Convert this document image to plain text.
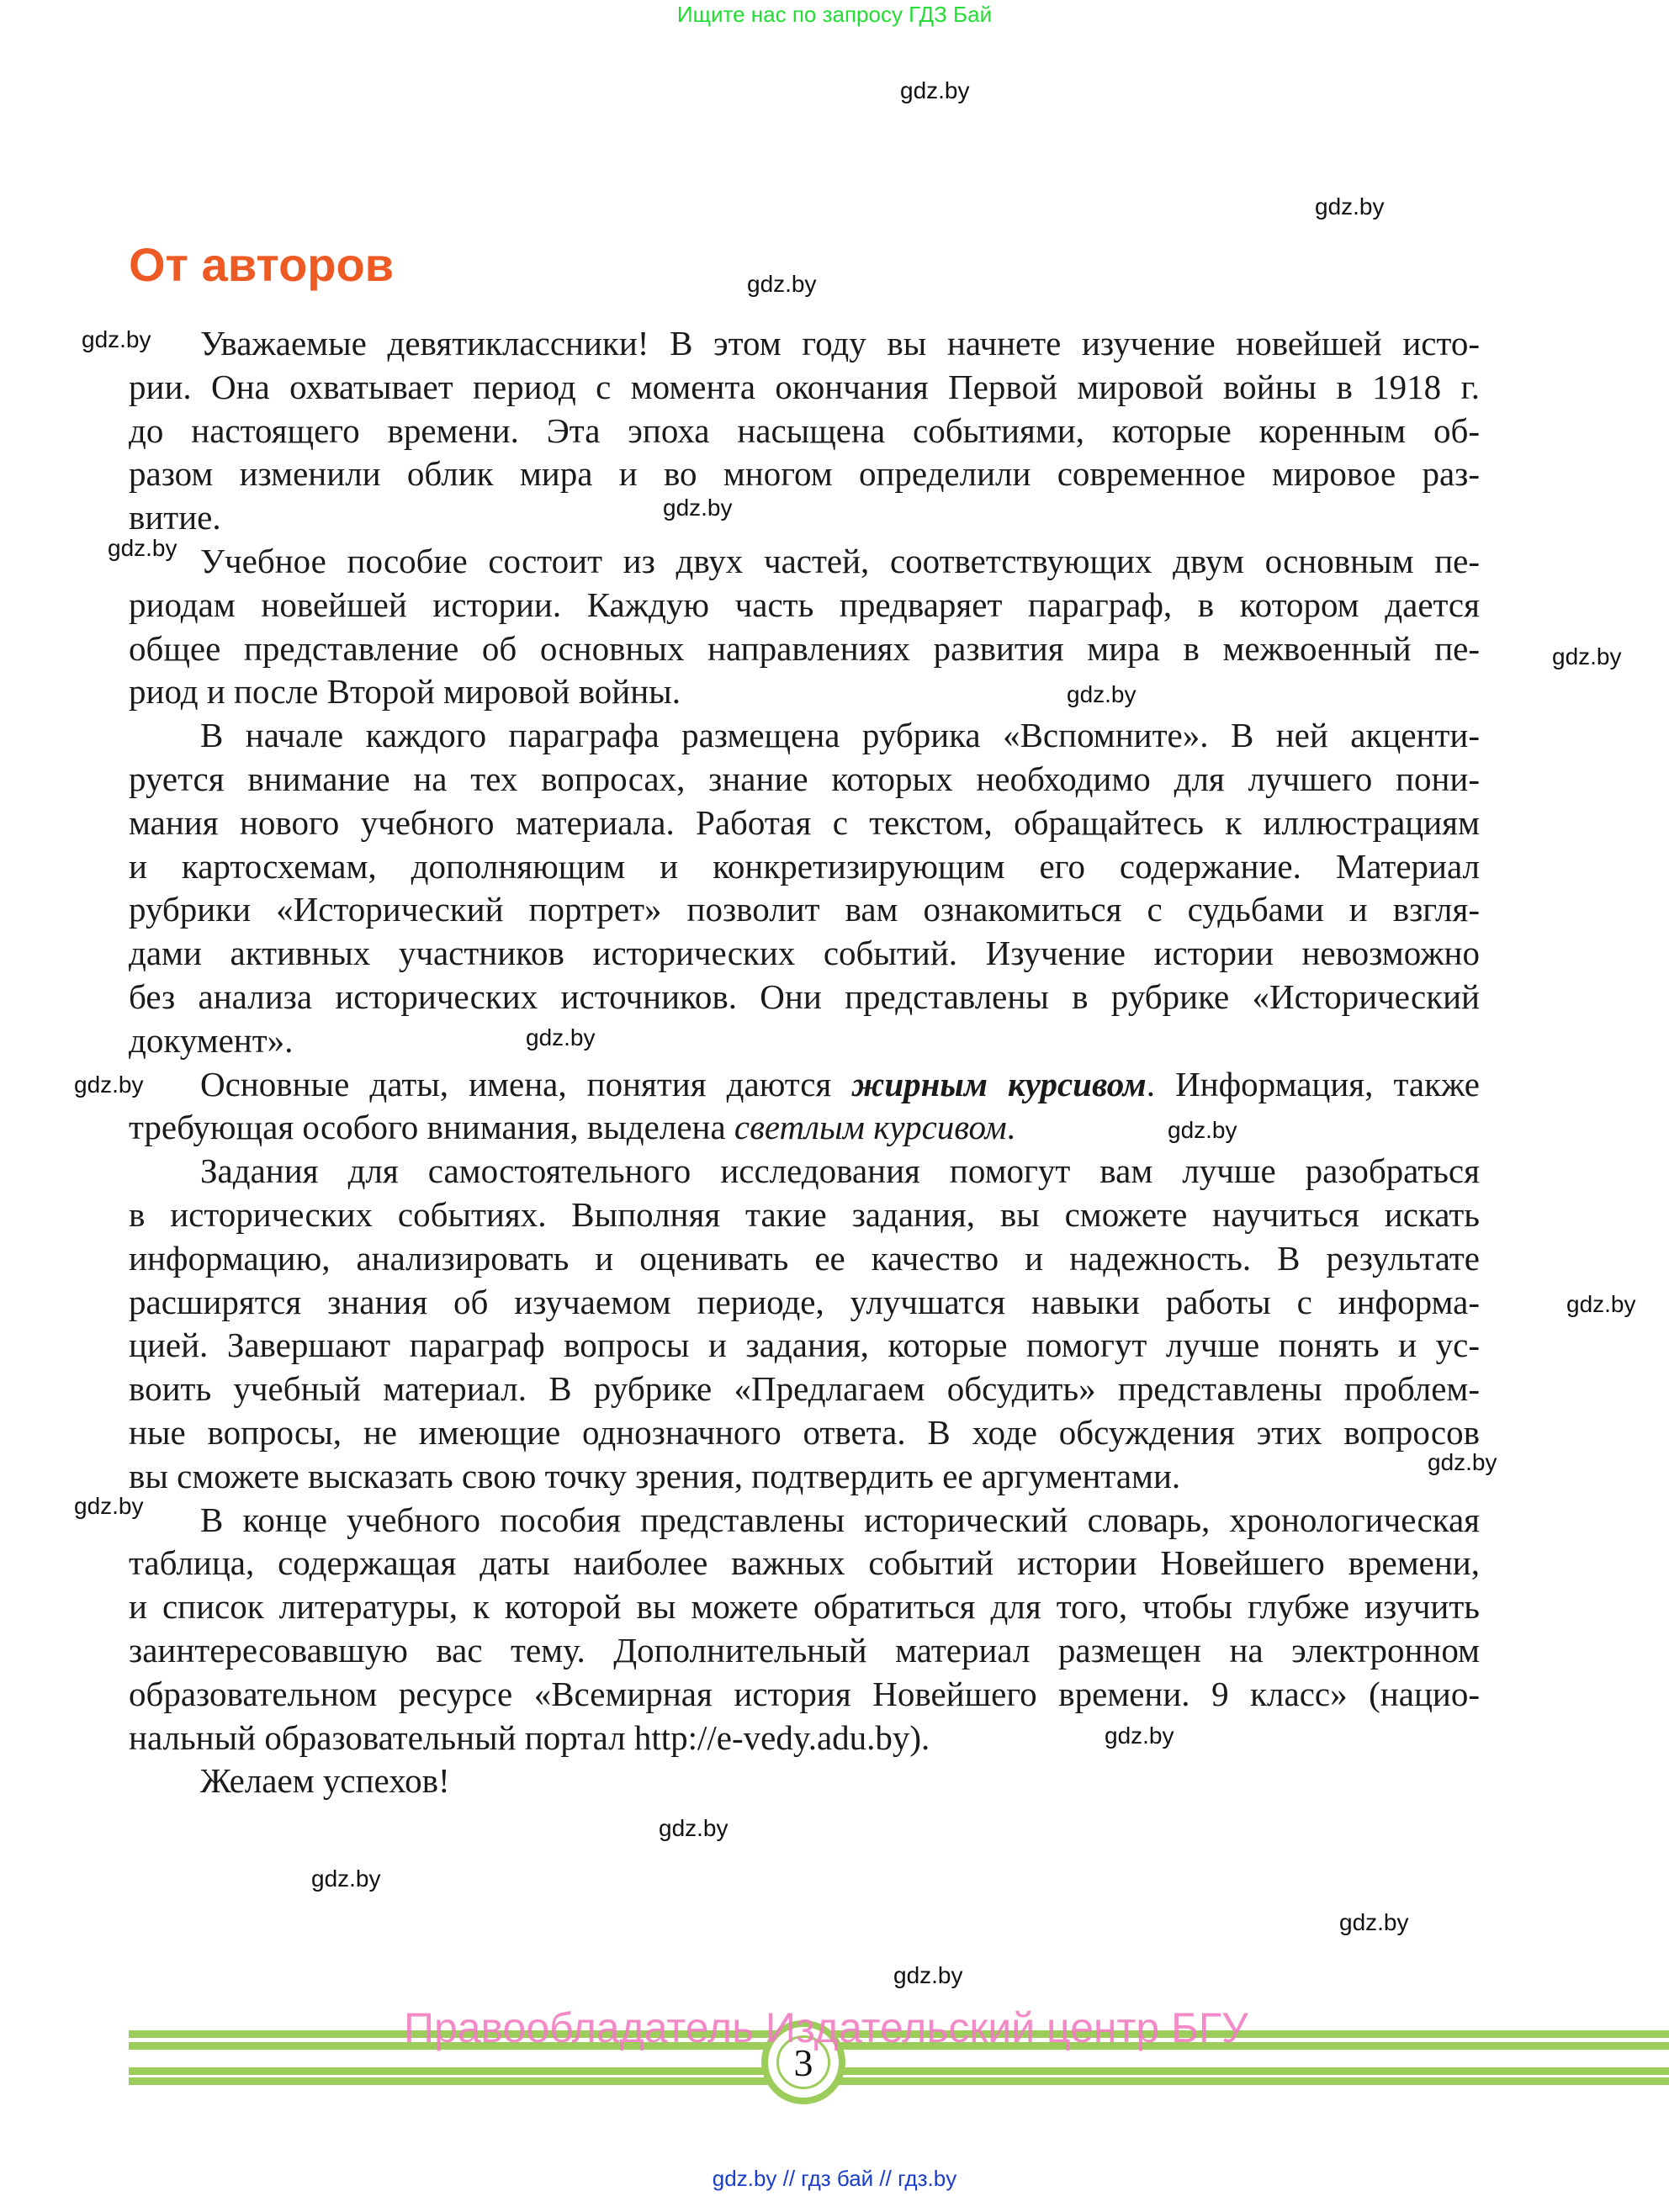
Ищите нас по запросу ГДЗ Бай
gdz.by
gdz.by
gdz.by
gdz.by
gdz.by
gdz.by
gdz.by
gdz.by
gdz.by
gdz.by
gdz.by
gdz.by
gdz.by
gdz.by
gdz.by
gdz.by
gdz.by
gdz.by
gdz.by
От авторов
Уважаемые девятиклассники! В этом году вы начнете изучение новейшей исто-
рии. Она охватывает период с момента окончания Первой мировой войны в 1918 г.
до настоящего времени. Эта эпоха насыщена событиями, которые коренным об-
разом изменили облик мира и во многом определили современное мировое раз-
витие.
Учебное пособие состоит из двух частей, соответствующих двум основным пе-
риодам новейшей истории. Каждую часть предваряет параграф, в котором дается
общее представление об основных направлениях развития мира в межвоенный пе-
риод и после Второй мировой войны.
В начале каждого параграфа размещена рубрика «Вспомните». В ней акценти-
руется внимание на тех вопросах, знание которых необходимо для лучшего пони-
мания нового учебного материала. Работая с текстом, обращайтесь к иллюстрациям
и картосхемам, дополняющим и конкретизирующим его содержание. Материал
рубрики «Исторический портрет» позволит вам ознакомиться с судьбами и взгля-
дами активных участников исторических событий. Изучение истории невозможно
без анализа исторических источников. Они представлены в рубрике «Исторический
документ».
Основные даты, имена, понятия даются жирным курсивом. Информация, также
требующая особого внимания, выделена светлым курсивом.
Задания для самостоятельного исследования помогут вам лучше разобраться
в исторических событиях. Выполняя такие задания, вы сможете научиться искать
информацию, анализировать и оценивать ее качество и надежность. В результате
расширятся знания об изучаемом периоде, улучшатся навыки работы с информа-
цией. Завершают параграф вопросы и задания, которые помогут лучше понять и ус-
воить учебный материал. В рубрике «Предлагаем обсудить» представлены проблем-
ные вопросы, не имеющие однозначного ответа. В ходе обсуждения этих вопросов
вы сможете высказать свою точку зрения, подтвердить ее аргументами.
В конце учебного пособия представлены исторический словарь, хронологическая
таблица, содержащая даты наиболее важных событий истории Новейшего времени,
и список литературы, к которой вы можете обратиться для того, чтобы глубже изучить
заинтересовавшую вас тему. Дополнительный материал размещен на электронном
образовательном ресурсе «Всемирная история Новейшего времени. 9 класс» (нацио-
нальный образовательный портал http://e-vedy.adu.by).
Желаем успехов!
3
Правообладатель Издательский центр БГУ
gdz.by // гдз бай // гдз.by
